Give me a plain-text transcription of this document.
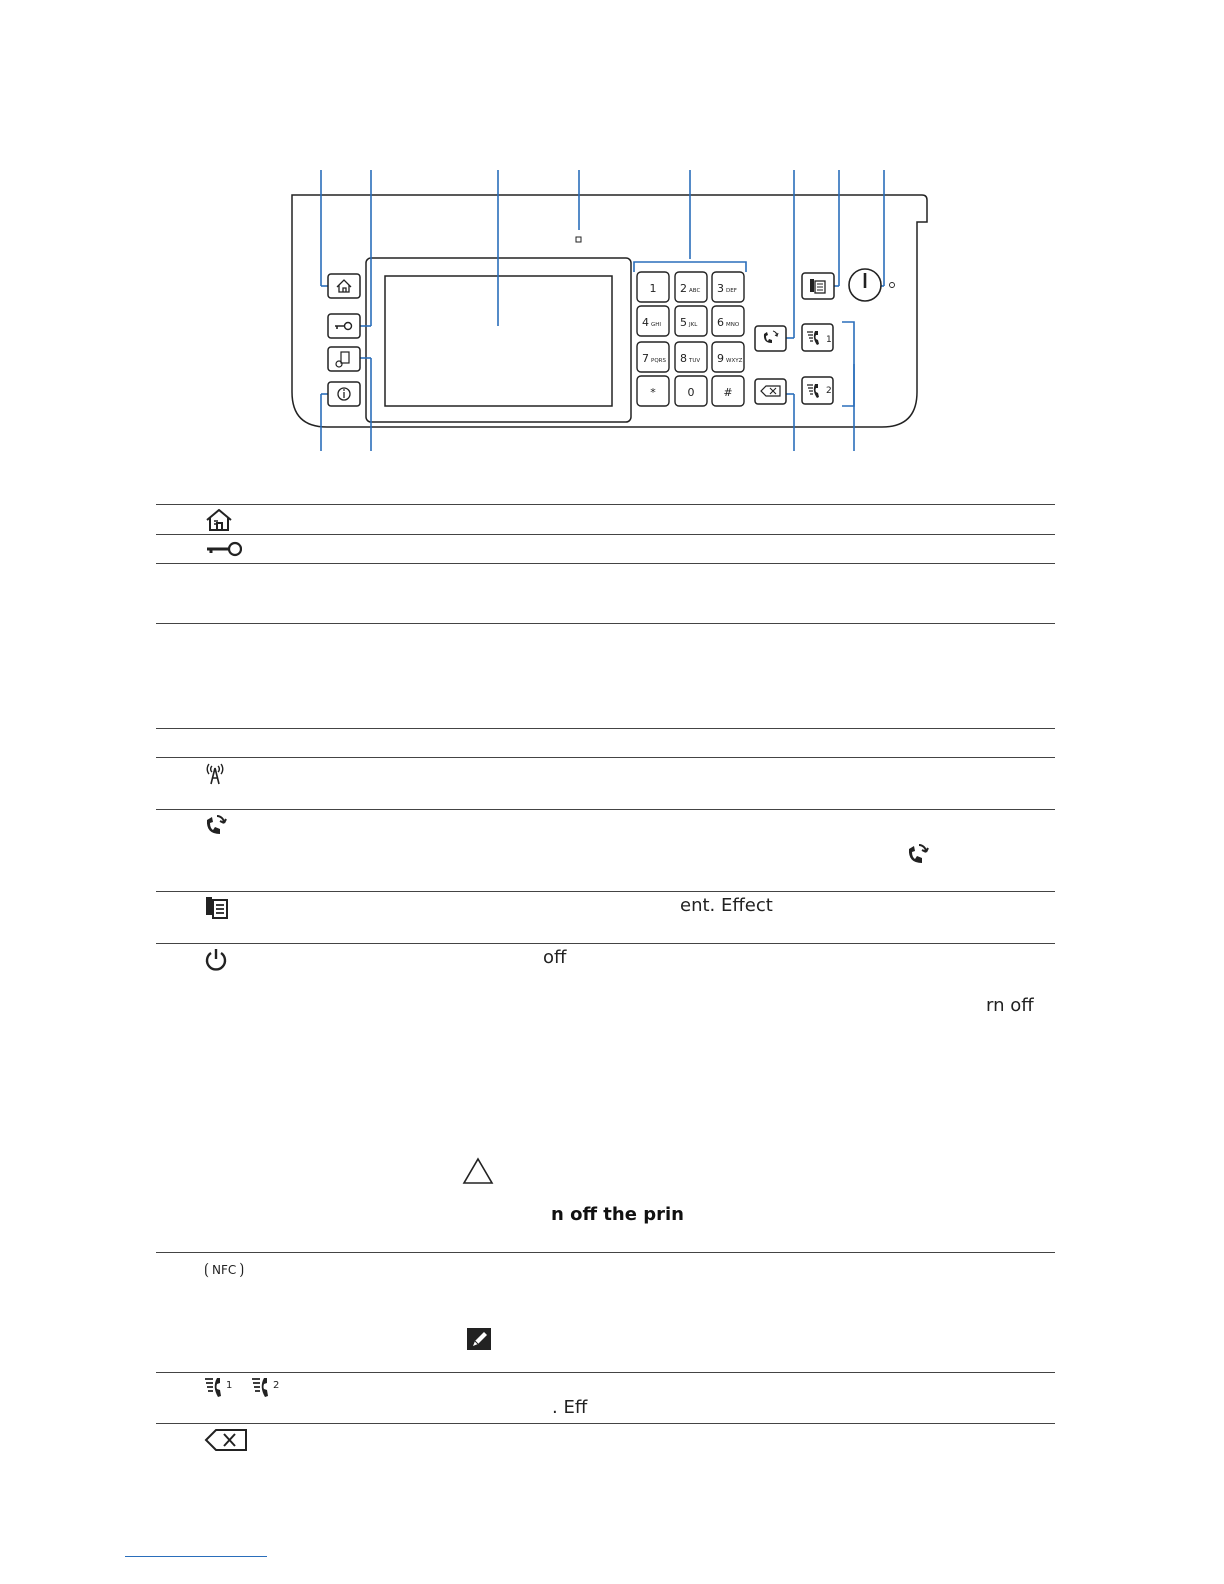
1 2 ABC 3 DEF
4 GHI 5 JKL 6 MNO
7 PQRS 8 TUV 9 WXYZ
*	0	#
1
2
⟮ NFC ⟯
1	2
ent. Effect
off
rn off
n off the prin
. Eff
